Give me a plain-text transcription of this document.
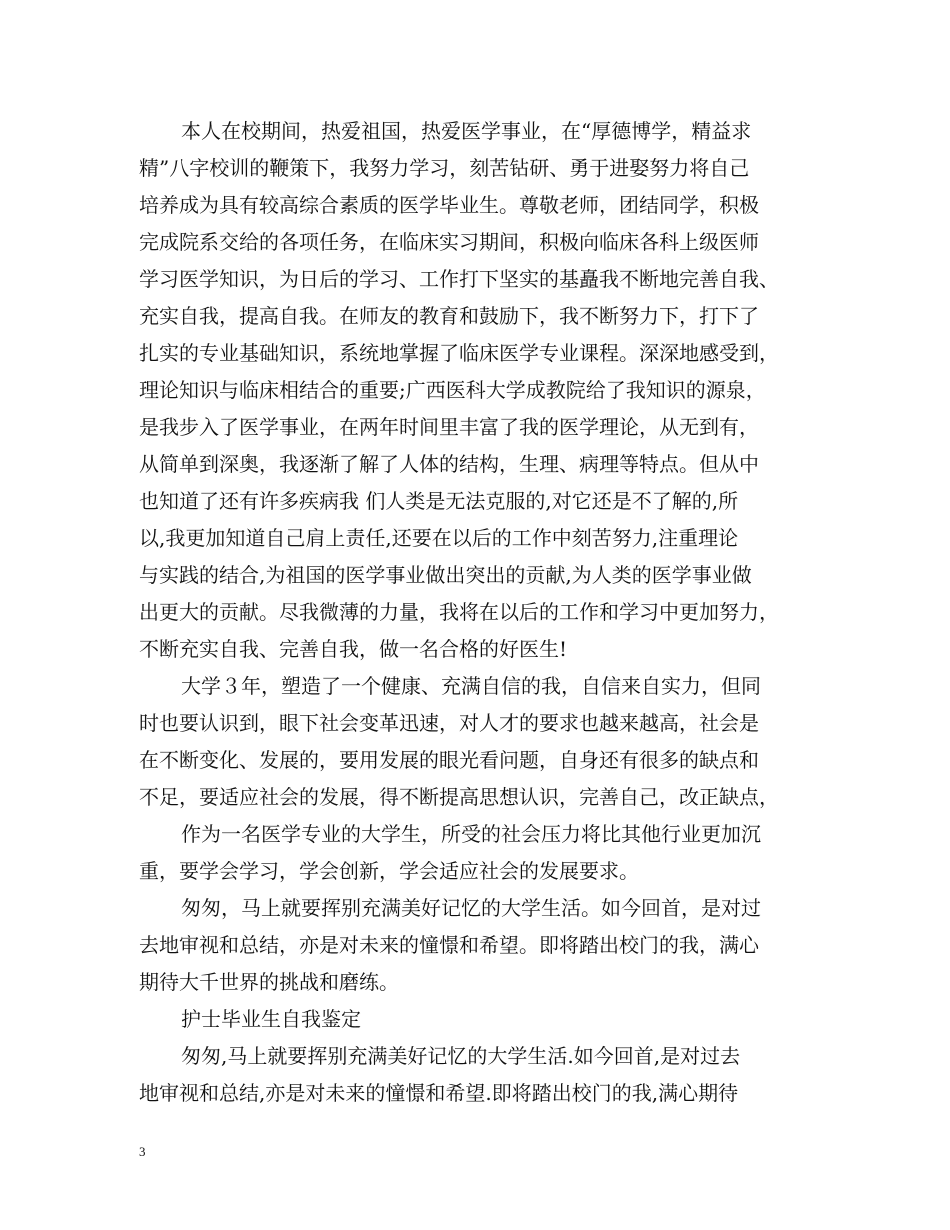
本人在校期间，热爱祖国，热爱医学事业，在“厚德博学，精益求
精”八字校训的鞭策下，我努力学习，刻苦钻研、勇于进娶努力将自己
培养成为具有较高综合素质的医学毕业生。尊敬老师，团结同学，积极
完成院系交给的各项任务，在临床实习期间，积极向临床各科上级医师
学习医学知识，为日后的学习、工作打下坚实的基矗我不断地完善自我、
充实自我，提高自我。在师友的教育和鼓励下，我不断努力下，打下了
扎实的专业基础知识，系统地掌握了临床医学专业课程。深深地感受到，
理论知识与临床相结合的重要;广西医科大学成教院给了我知识的源泉，
是我步入了医学事业，在两年时间里丰富了我的医学理论，从无到有，
从简单到深奥，我逐渐了解了人体的结构，生理、病理等特点。但从中
也知道了还有许多疾病我 们人类是无法克服的,对它还是不了解的,所
以,我更加知道自己肩上责任,还要在以后的工作中刻苦努力,注重理论
与实践的结合,为祖国的医学事业做出突出的贡献,为人类的医学事业做
出更大的贡献。尽我微薄的力量，我将在以后的工作和学习中更加努力，
不断充实自我、完善自我，做一名合格的好医生!
大学３年，塑造了一个健康、充满自信的我，自信来自实力，但同
时也要认识到，眼下社会变革迅速，对人才的要求也越来越高，社会是
在不断变化、发展的，要用发展的眼光看问题，自身还有很多的缺点和
不足，要适应社会的发展，得不断提高思想认识，完善自己，改正缺点，
作为一名医学专业的大学生，所受的社会压力将比其他行业更加沉
重，要学会学习，学会创新，学会适应社会的发展要求。
匆匆，马上就要挥别充满美好记忆的大学生活。如今回首，是对过
去地审视和总结，亦是对未来的憧憬和希望。即将踏出校门的我，满心
期待大千世界的挑战和磨练。
护士毕业生自我鉴定
匆匆,马上就要挥别充满美好记忆的大学生活.如今回首,是对过去
地审视和总结,亦是对未来的憧憬和希望.即将踏出校门的我,满心期待
3
